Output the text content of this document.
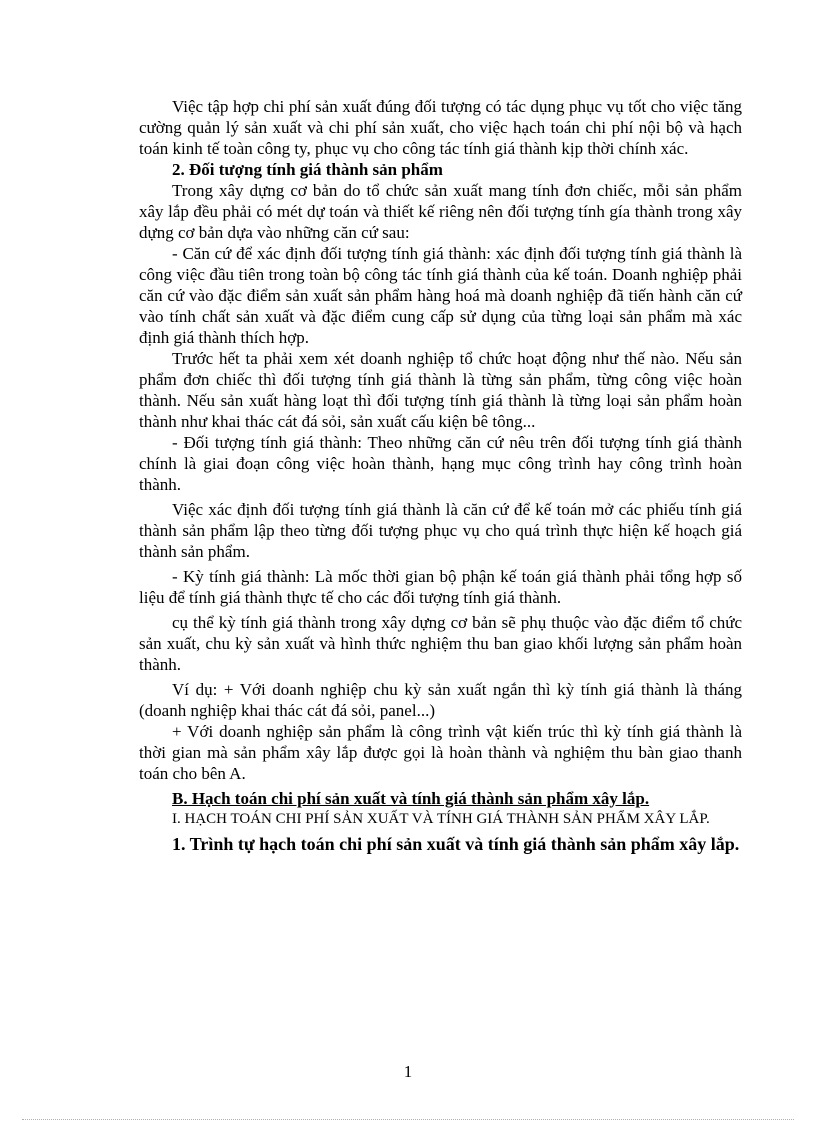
Việc tập hợp chi phí sản xuất đúng đối tượng có tác dụng phục vụ tốt cho việc tăng cường quản lý sản xuất và chi phí sản xuất, cho việc hạch toán chi phí nội bộ và hạch toán kinh tế toàn công ty, phục vụ cho công tác tính giá thành kịp thời chính xác.

2. Đối tượng tính giá thành sản phẩm

Trong xây dựng cơ bản do tổ chức sản xuất mang tính đơn chiếc, mỗi sản phẩm xây lắp đều phải có mét dự toán và thiết kế riêng nên đối tượng tính gía thành trong xây dựng cơ bản dựa vào những căn cứ sau:

- Căn cứ để xác định đối tượng tính giá thành: xác định đối tượng tính giá thành là công việc đầu tiên trong toàn bộ công tác tính giá thành của kế toán. Doanh nghiệp phải căn cứ vào đặc điểm sản xuất sản phẩm hàng hoá mà doanh nghiệp đã tiến hành căn cứ vào tính chất sản xuất và đặc điểm cung cấp sử dụng của từng loại sản phẩm mà xác định giá thành thích hợp.

Trước hết ta phải xem xét doanh nghiệp tổ chức hoạt động như thế nào. Nếu sản phẩm đơn chiếc thì đối tượng tính giá thành là từng sản phẩm, từng công việc hoàn thành. Nếu sản xuất hàng loạt thì đối tượng tính giá thành là từng loại sản phẩm hoàn thành như khai thác cát đá sỏi, sản xuất cấu kiện bê tông...

- Đối tượng tính giá thành: Theo những căn cứ nêu trên đối tượng tính giá thành chính là giai đoạn công việc hoàn thành, hạng mục công trình hay công trình hoàn thành.

Việc xác định đối tượng tính giá thành là căn cứ để kế toán mở các phiếu tính giá thành sản phẩm lập theo từng đối tượng phục vụ cho quá trình thực hiện kế hoạch giá thành sản phẩm.

- Kỳ tính giá thành: Là mốc thời gian bộ phận kế toán giá thành phải tổng hợp số liệu để tính giá thành thực tế cho các đối tượng tính giá thành.

cụ thể kỳ tính giá thành trong xây dựng cơ bản sẽ phụ thuộc vào đặc điểm tổ chức sản xuất, chu kỳ sản xuất và hình thức nghiệm thu ban giao khối lượng sản phẩm hoàn thành.

Ví dụ: + Với doanh nghiệp chu kỳ sản xuất ngắn thì kỳ tính giá thành là tháng (doanh nghiệp khai thác cát đá sỏi, panel...)

+ Với doanh nghiệp sản phẩm là công trình vật kiến trúc thì kỳ tính giá thành là thời gian mà sản phẩm xây lắp được gọi là hoàn thành và nghiệm thu bàn giao thanh toán cho bên A.

B. Hạch toán chi phí sản xuất và tính giá thành sản phẩm xây lắp.

I. HẠCH TOÁN CHI PHÍ SẢN XUẤT VÀ TÍNH GIÁ THÀNH SẢN PHẨM XÂY LẮP.

1. Trình tự hạch toán chi phí sản xuất và tính giá thành sản phẩm xây lắp.

1
